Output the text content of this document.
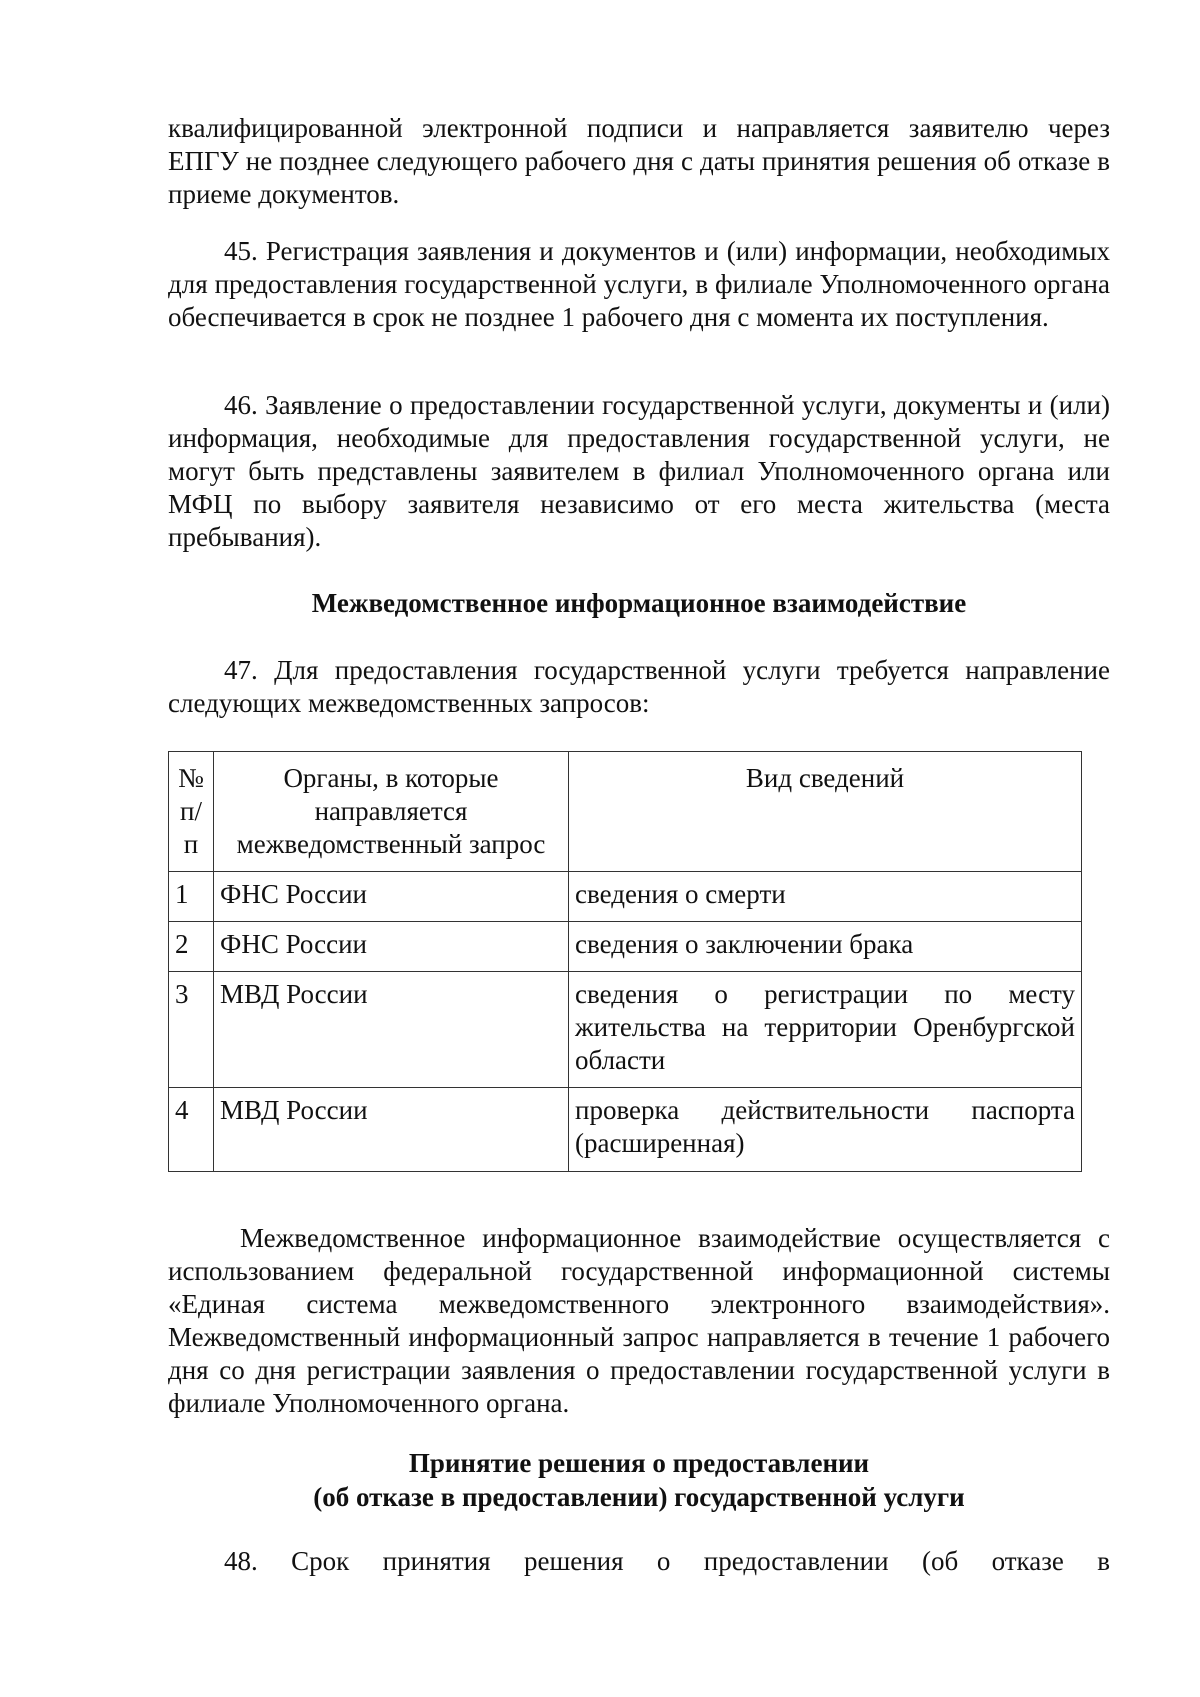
квалифицированной электронной подписи и направляется заявителю через ЕПГУ не позднее следующего рабочего дня с даты принятия решения об отказе в приеме документов.

45. Регистрация заявления и документов и (или) информации, необходимых для предоставления государственной услуги, в филиале Уполномоченного органа обеспечивается в срок не позднее 1 рабочего дня с момента их поступления.

46. Заявление о предоставлении государственной услуги, документы и (или) информация, необходимые для предоставления государственной услуги, не могут быть представлены заявителем в филиал Уполномоченного органа или МФЦ по выбору заявителя независимо от его места жительства (места пребывания).

Межведомственное информационное взаимодействие

47. Для предоставления государственной услуги требуется направление следующих межведомственных запросов:

№ п/п	Органы, в которые направляется межведомственный запрос	Вид сведений
1	ФНС России	сведения о смерти
2	ФНС России	сведения о заключении брака
3	МВД России	сведения о регистрации по месту жительства на территории Оренбургской области
4	МВД России	проверка действительности паспорта (расширенная)

Межведомственное информационное взаимодействие осуществляется с использованием федеральной государственной информационной системы «Единая система межведомственного электронного взаимодействия». Межведомственный информационный запрос направляется в течение 1 рабочего дня со дня регистрации заявления о предоставлении государственной услуги в филиале Уполномоченного органа.

Принятие решения о предоставлении

(об отказе в предоставлении) государственной услуги

48. Срок принятия решения о предоставлении (об отказе в
